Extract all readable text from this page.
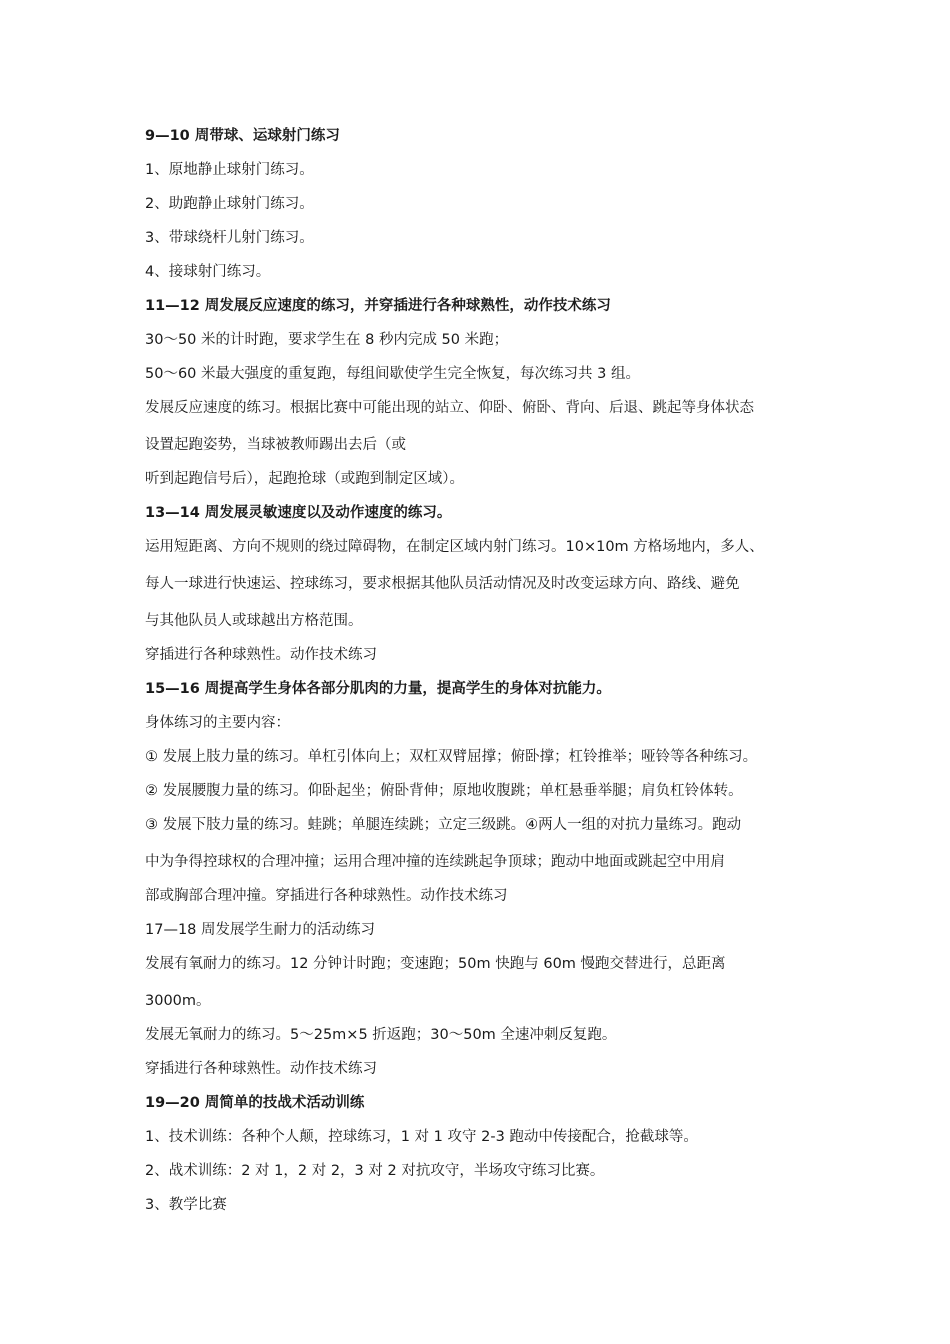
9—10 周带球、运球射门练习
1、原地静止球射门练习。
2、助跑静止球射门练习。
3、带球绕杆儿射门练习。
4、接球射门练习。
11—12 周发展反应速度的练习，并穿插进行各种球熟性，动作技术练习
30～50 米的计时跑，要求学生在 8 秒内完成 50 米跑；
50～60 米最大强度的重复跑，每组间歇使学生完全恢复，每次练习共 3 组。
发展反应速度的练习。根据比赛中可能出现的站立、仰卧、俯卧、背向、后退、跳起等身体状态
设置起跑姿势，当球被教师踢出去后（或
听到起跑信号后），起跑抢球（或跑到制定区域）。
13—14 周发展灵敏速度以及动作速度的练习。
运用短距离、方向不规则的绕过障碍物，在制定区域内射门练习。10×10m 方格场地内，多人、
每人一球进行快速运、控球练习，要求根据其他队员活动情况及时改变运球方向、路线、避免
与其他队员人或球越出方格范围。
穿插进行各种球熟性。动作技术练习
15—16 周提高学生身体各部分肌肉的力量，提高学生的身体对抗能力。
身体练习的主要内容：
① 发展上肢力量的练习。单杠引体向上；双杠双臂屈撑；俯卧撑；杠铃推举；哑铃等各种练习。
② 发展腰腹力量的练习。仰卧起坐；俯卧背伸；原地收腹跳；单杠悬垂举腿；肩负杠铃体转。
③ 发展下肢力量的练习。蛙跳；单腿连续跳；立定三级跳。④两人一组的对抗力量练习。跑动
中为争得控球权的合理冲撞；运用合理冲撞的连续跳起争顶球；跑动中地面或跳起空中用肩
部或胸部合理冲撞。穿插进行各种球熟性。动作技术练习
17—18 周发展学生耐力的活动练习
发展有氧耐力的练习。12 分钟计时跑；变速跑；50m 快跑与 60m 慢跑交替进行，总距离
3000m。
发展无氧耐力的练习。5～25m×5 折返跑；30～50m 全速冲刺反复跑。
穿插进行各种球熟性。动作技术练习
19—20 周简单的技战术活动训练
1、技术训练：各种个人颠，控球练习，1 对 1 攻守 2-3 跑动中传接配合，抢截球等。
2、战术训练：2 对 1，2 对 2，3 对 2 对抗攻守，半场攻守练习比赛。
3、教学比赛
